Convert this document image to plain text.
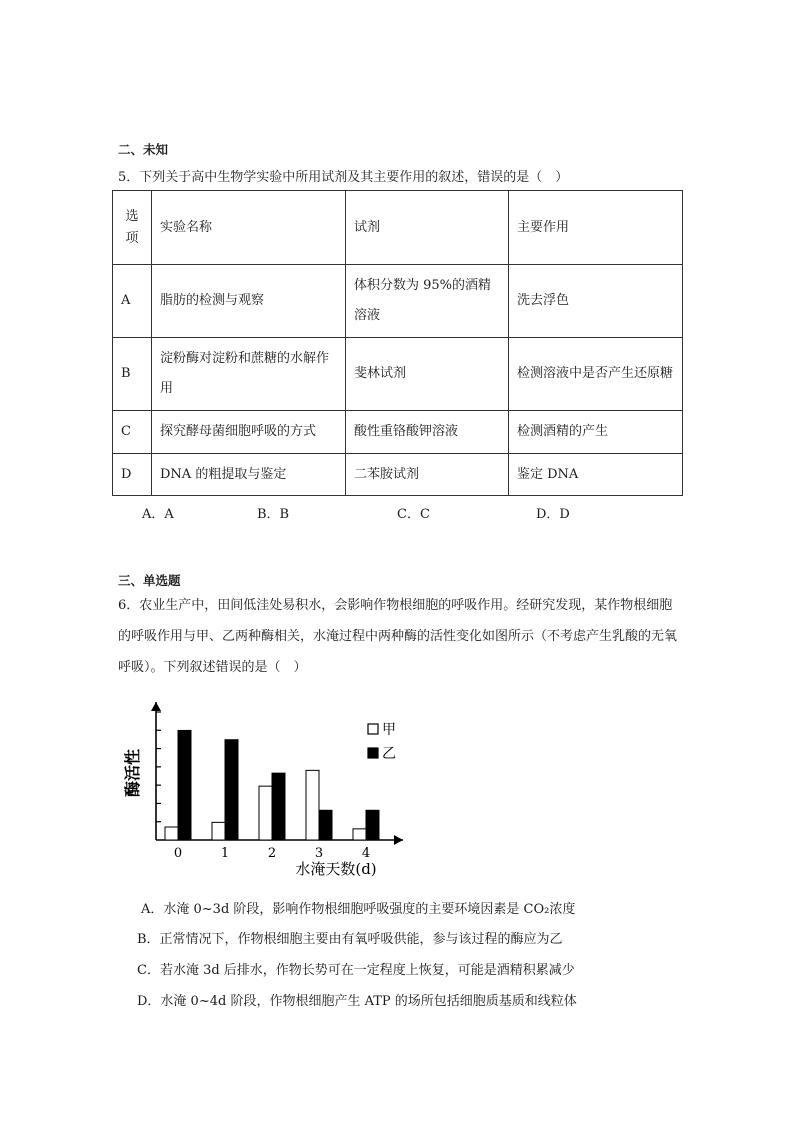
二、未知
5．下列关于高中生物学实验中所用试剂及其主要作用的叙述，错误的是（　）
选项	实验名称	试剂	主要作用
A	脂肪的检测与观察	体积分数为 95%的酒精溶液	洗去浮色
B	淀粉酶对淀粉和蔗糖的水解作用	斐林试剂	检测溶液中是否产生还原糖
C	探究酵母菌细胞呼吸的方式	酸性重铬酸钾溶液	检测酒精的产生
D	DNA 的粗提取与鉴定	二苯胺试剂	鉴定 DNA
A．A	B．B	C．C	D．D
三、单选题
6．农业生产中，田间低洼处易积水，会影响作物根细胞的呼吸作用。经研究发现，某作物根细胞的呼吸作用与甲、乙两种酶相关，水淹过程中两种酶的活性变化如图所示（不考虑产生乳酸的无氧呼吸）。下列叙述错误的是（　）
0	1	2	3	4
甲
乙
水淹天数(d)
酶活性
A．水淹 0~3d 阶段，影响作物根细胞呼吸强度的主要环境因素是 CO₂浓度
B．正常情况下，作物根细胞主要由有氧呼吸供能，参与该过程的酶应为乙
C．若水淹 3d 后排水，作物长势可在一定程度上恢复，可能是酒精积累减少
D．水淹 0~4d 阶段，作物根细胞产生 ATP 的场所包括细胞质基质和线粒体
